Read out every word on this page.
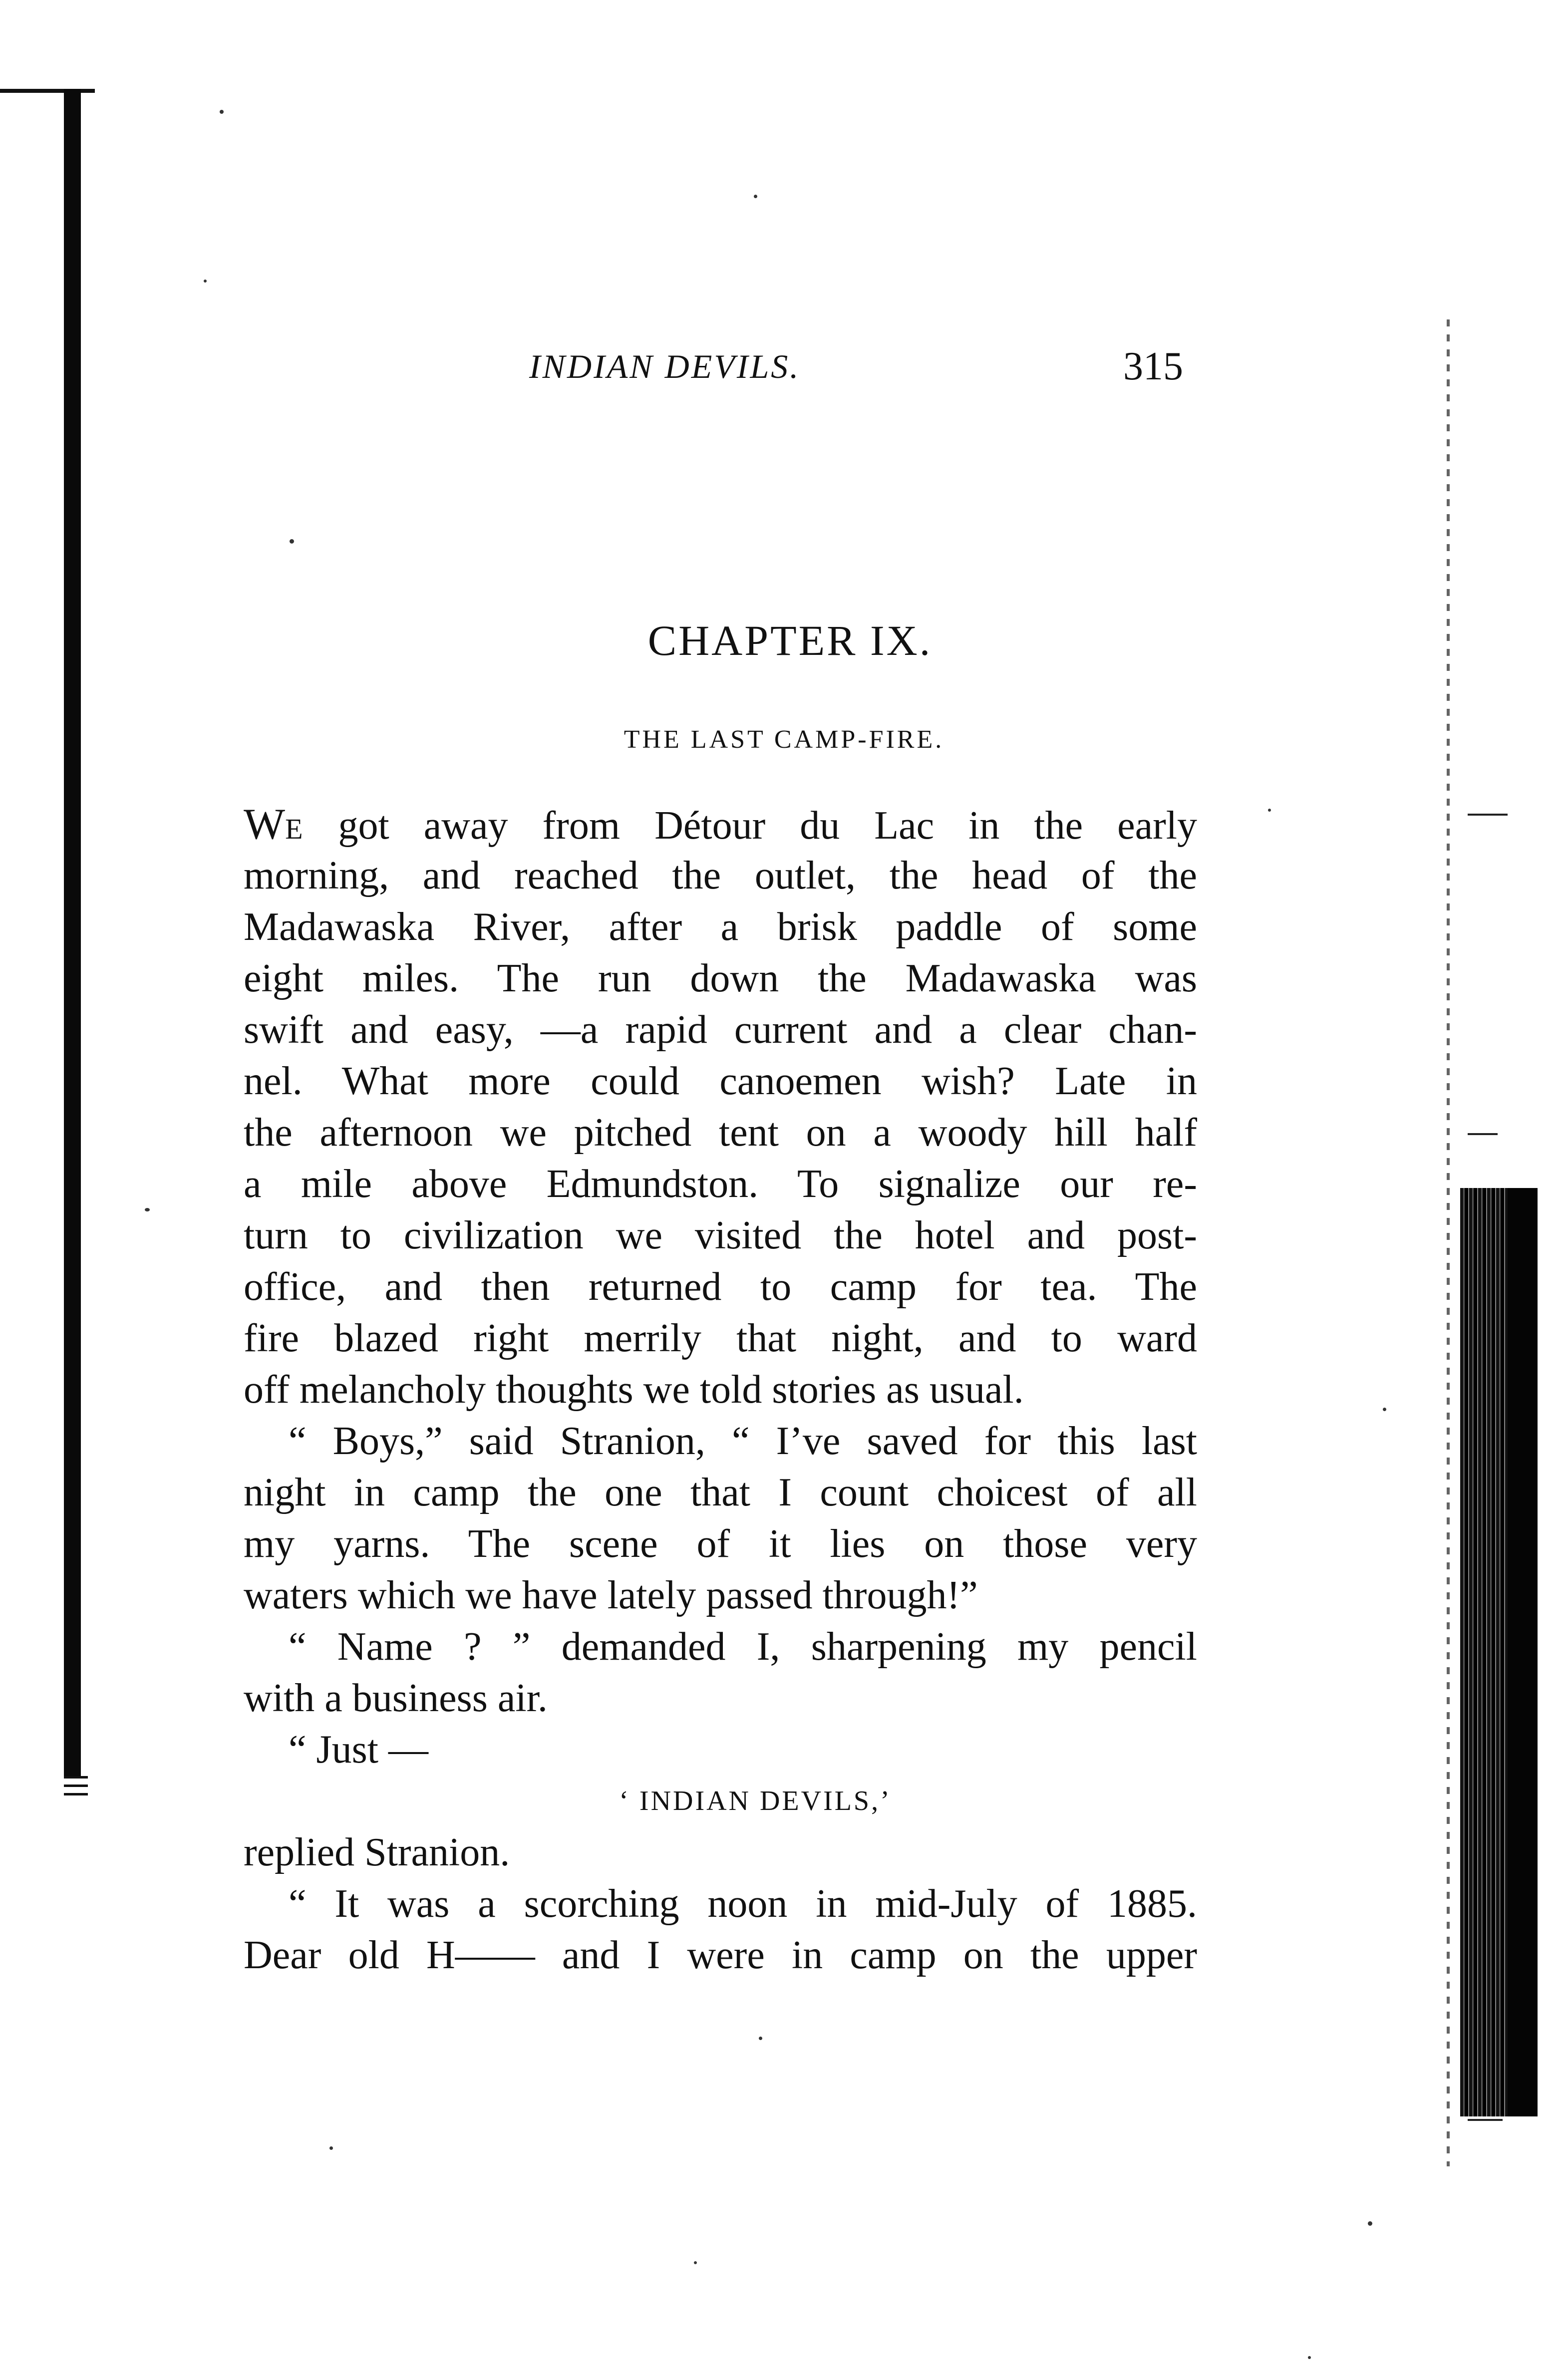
INDIAN DEVILS.	315
CHAPTER IX.
THE LAST CAMP-FIRE.
WE got away from Détour du Lac in the early
morning, and reached the outlet, the head of the
Madawaska River, after a brisk paddle of some
eight miles. The run down the Madawaska was
swift and easy, —a rapid current and a clear chan-
nel. What more could canoemen wish? Late in
the afternoon we pitched tent on a woody hill half
a mile above Edmundston. To signalize our re-
turn to civilization we visited the hotel and post-
office, and then returned to camp for tea. The
fire blazed right merrily that night, and to ward
off melancholy thoughts we told stories as usual.
“ Boys,” said Stranion, “ I’ve saved for this last
night in camp the one that I count choicest of all
my yarns. The scene of it lies on those very
waters which we have lately passed through!”
“ Name ? ” demanded I, sharpening my pencil
with a business air.
“ Just —
‘ INDIAN DEVILS,’
replied Stranion.
“ It was a scorching noon in mid-July of 1885.
Dear old H—— and I were in camp on the upper
